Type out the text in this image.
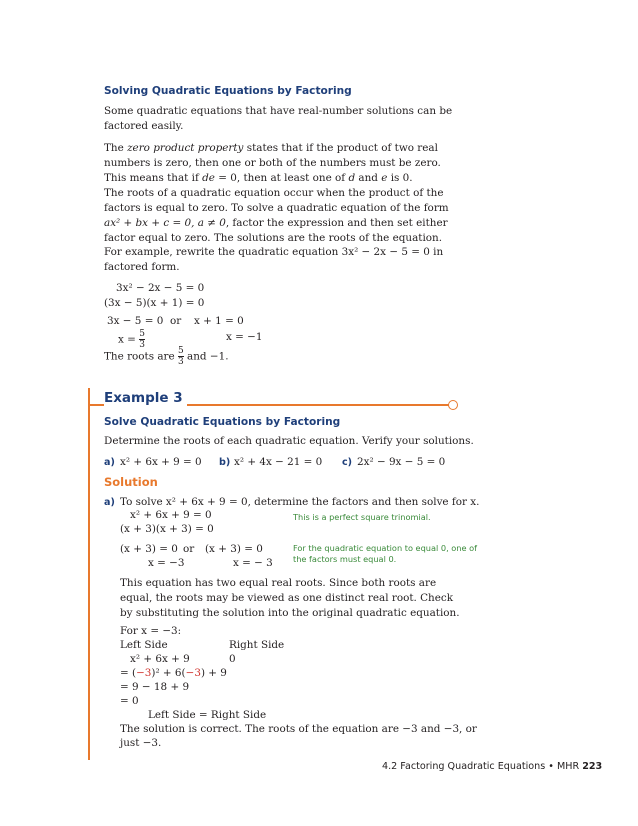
Solving Quadratic Equations by Factoring
Some quadratic equations that have real-number solutions can be factored easily.
The zero product property states that if the product of two real numbers is zero, then one or both of the numbers must be zero. This means that if de = 0, then at least one of d and e is 0.
The roots of a quadratic equation occur when the product of the factors is equal to zero. To solve a quadratic equation of the form ax² + bx + c = 0, a ≠ 0, factor the expression and then set either factor equal to zero. The solutions are the roots of the equation.
For example, rewrite the quadratic equation 3x² − 2x − 5 = 0 in factored form.
3x² − 2x − 5 = 0
(3x − 5)(x + 1) = 0
3x − 5 = 0 or x + 1 = 0
$x = \frac{5}{3}$	x = −1
The roots are $\frac{5}{3}$ and −1.
Example 3
Solve Quadratic Equations by Factoring
Determine the roots of each quadratic equation. Verify your solutions.
a) x² + 6x + 9 = 0 b) x² + 4x − 21 = 0 c) 2x² − 9x − 5 = 0
Solution
a) To solve x² + 6x + 9 = 0, determine the factors and then solve for x.
x² + 6x + 9 = 0
(x + 3)(x + 3) = 0
This is a perfect square trinomial.
(x + 3) = 0 or (x + 3) = 0
x = −3	x = − 3
For the quadratic equation to equal 0, one of
the factors must equal 0.
This equation has two equal real roots. Since both roots are equal, the roots may be viewed as one distinct real root. Check by substituting the solution into the original quadratic equation.
For x = −3:
Left Side	Right Side
x² + 6x + 9	0
= (−3)² + 6(−3) + 9
= 9 − 18 + 9
= 0
Left Side = Right Side
The solution is correct. The roots of the equation are −3 and −3, or
just −3.
4.2 Factoring Quadratic Equations • MHR 223
